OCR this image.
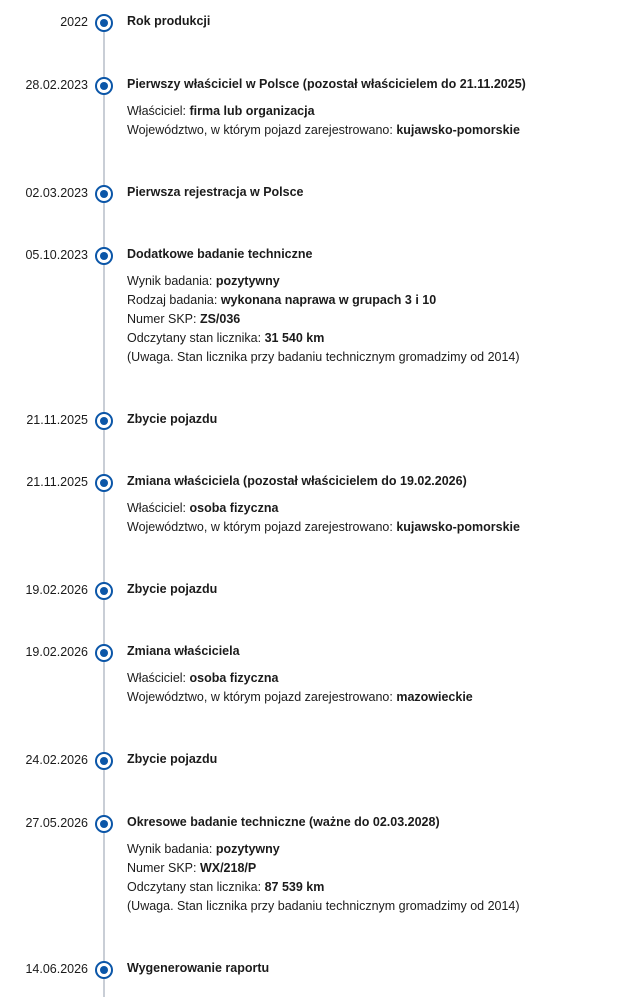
2022	Rok produkcji
28.02.2023	Pierwszy właściciel w Polsce (pozostał właścicielem do 21.11.2025)
Właściciel: firma lub organizacja
Województwo, w którym pojazd zarejestrowano: kujawsko-pomorskie
02.03.2023	Pierwsza rejestracja w Polsce
05.10.2023	Dodatkowe badanie techniczne
Wynik badania: pozytywny
Rodzaj badania: wykonana naprawa w grupach 3 i 10
Numer SKP: ZS/036
Odczytany stan licznika: 31 540 km
(Uwaga. Stan licznika przy badaniu technicznym gromadzimy od 2014)
21.11.2025	Zbycie pojazdu
21.11.2025	Zmiana właściciela (pozostał właścicielem do 19.02.2026)
Właściciel: osoba fizyczna
Województwo, w którym pojazd zarejestrowano: kujawsko-pomorskie
19.02.2026	Zbycie pojazdu
19.02.2026	Zmiana właściciela
Właściciel: osoba fizyczna
Województwo, w którym pojazd zarejestrowano: mazowieckie
24.02.2026	Zbycie pojazdu
27.05.2026	Okresowe badanie techniczne (ważne do 02.03.2028)
Wynik badania: pozytywny
Numer SKP: WX/218/P
Odczytany stan licznika: 87 539 km
(Uwaga. Stan licznika przy badaniu technicznym gromadzimy od 2014)
14.06.2026	Wygenerowanie raportu
